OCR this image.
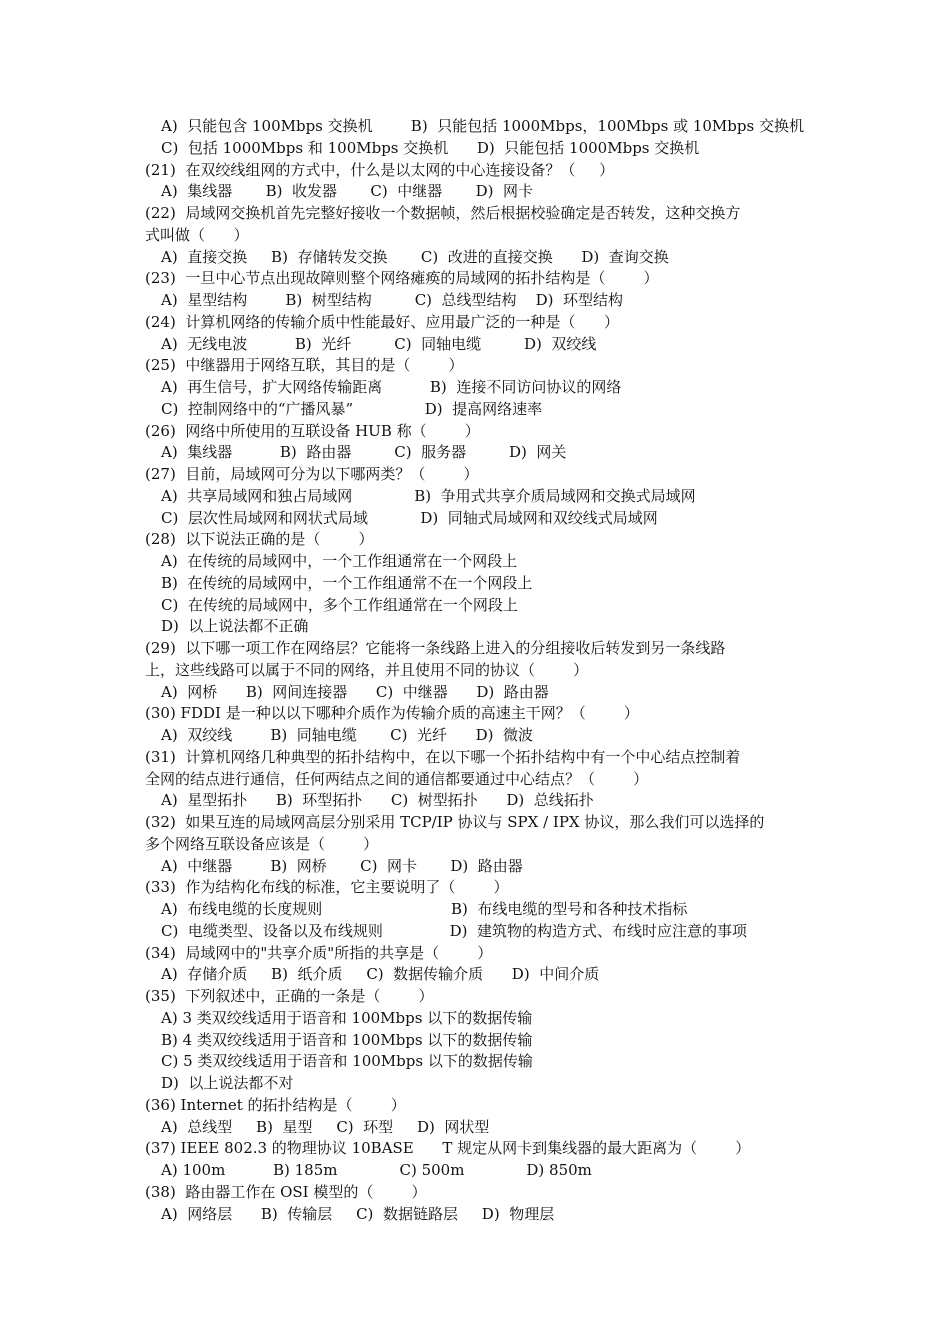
A)  只能包含 100Mbps 交换机        B)  只能包括 1000Mbps，100Mbps 或 10Mbps 交换机
C)  包括 1000Mbps 和 100Mbps 交换机      D)  只能包括 1000Mbps 交换机
(21)  在双绞线组网的方式中，什么是以太网的中心连接设备？（     ）
A)  集线器       B)  收发器       C)  中继器       D)  网卡
(22)  局域网交换机首先完整好接收一个数据帧，然后根据校验确定是否转发，这种交换方
式叫做（      ）
A)  直接交换     B)  存储转发交换       C)  改进的直接交换      D)  查询交换
(23)  一旦中心节点出现故障则整个网络瘫痪的局域网的拓扑结构是（        ）
A)  星型结构        B)  树型结构         C)  总线型结构    D)  环型结构
(24)  计算机网络的传输介质中性能最好、应用最广泛的一种是（      ）
A)  无线电波          B)  光纤         C)  同轴电缆         D)  双绞线
(25)  中继器用于网络互联，其目的是（        ）
A)  再生信号，扩大网络传输距离          B)  连接不同访问协议的网络
C)  控制网络中的“广播风暴”               D)  提高网络速率
(26)  网络中所使用的互联设备 HUB 称（        ）
A)  集线器          B)  路由器         C)  服务器         D)  网关
(27)  目前，局域网可分为以下哪两类？（        ）
A)  共享局域网和独占局域网             B)  争用式共享介质局域网和交换式局域网
C)  层次性局域网和网状式局域           D)  同轴式局域网和双绞线式局域网
(28)  以下说法正确的是（        ）
A)  在传统的局域网中，一个工作组通常在一个网段上
B)  在传统的局域网中，一个工作组通常不在一个网段上
C)  在传统的局域网中，多个工作组通常在一个网段上
D)  以上说法都不正确
(29)  以下哪一项工作在网络层？它能将一条线路上进入的分组接收后转发到另一条线路
上，这些线路可以属于不同的网络，并且使用不同的协议（        ）
A)  网桥      B)  网间连接器      C)  中继器      D)  路由器
(30) FDDI 是一种以以下哪种介质作为传输介质的高速主干网？（        ）
A)  双绞线        B)  同轴电缆       C)  光纤      D)  微波
(31)  计算机网络几种典型的拓扑结构中，在以下哪一个拓扑结构中有一个中心结点控制着
全网的结点进行通信，任何两结点之间的通信都要通过中心结点？（        ）
A)  星型拓扑      B)  环型拓扑      C)  树型拓扑      D)  总线拓扑
(32)  如果互连的局域网高层分别采用 TCP/IP 协议与 SPX / IPX 协议，那么我们可以选择的
多个网络互联设备应该是（        ）
A)  中继器        B)  网桥       C)  网卡       D)  路由器
(33)  作为结构化布线的标准，它主要说明了（        ）
A)  布线电缆的长度规则                           B)  布线电缆的型号和各种技术指标
C)  电缆类型、设备以及布线规则              D)  建筑物的构造方式、布线时应注意的事项
(34)  局域网中的"共享介质"所指的共享是（        ）
A)  存储介质     B)  纸介质     C)  数据传输介质      D)  中间介质
(35)  下列叙述中，正确的一条是（        ）
A) 3 类双绞线适用于语音和 100Mbps 以下的数据传输
B) 4 类双绞线适用于语音和 100Mbps 以下的数据传输
C) 5 类双绞线适用于语音和 100Mbps 以下的数据传输
D)  以上说法都不对
(36) Internet 的拓扑结构是（        ）
A)  总线型     B)  星型     C)  环型     D)  网状型
(37) IEEE 802.3 的物理协议 10BASE      T 规定从网卡到集线器的最大距离为（        ）
A) 100m          B) 185m             C) 500m             D) 850m
(38)  路由器工作在 OSI 模型的（        ）
A)  网络层      B)  传输层     C)  数据链路层     D)  物理层
